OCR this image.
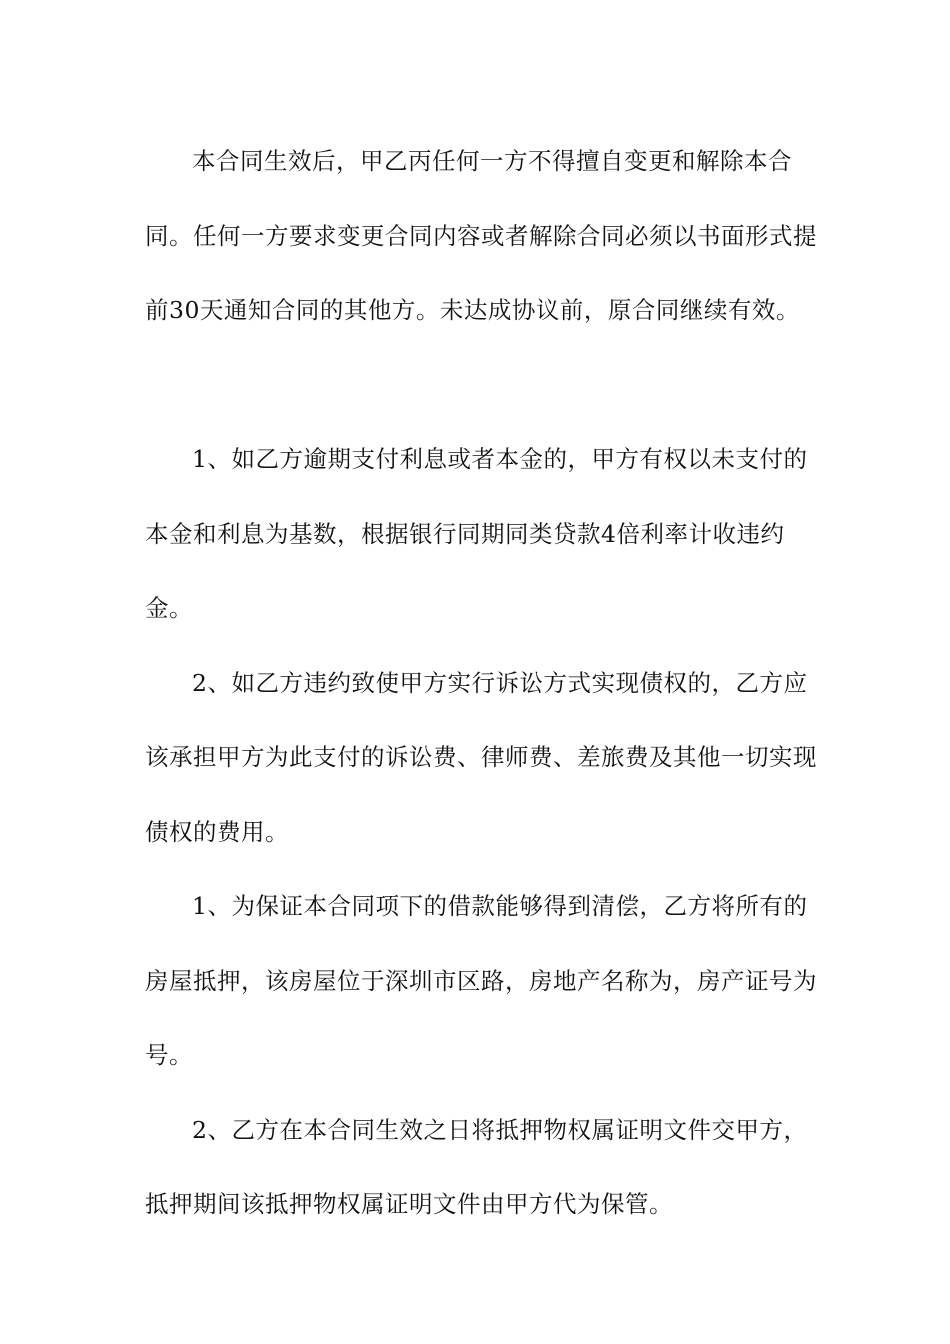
本合同生效后，甲乙丙任何一方不得擅自变更和解除本合同。任何一方要求变更合同内容或者解除合同必须以书面形式提前30天通知合同的其他方。未达成协议前，原合同继续有效。

1、如乙方逾期支付利息或者本金的，甲方有权以未支付的本金和利息为基数，根据银行同期同类贷款4倍利率计收违约金。

2、如乙方违约致使甲方实行诉讼方式实现债权的，乙方应该承担甲方为此支付的诉讼费、律师费、差旅费及其他一切实现债权的费用。

1、为保证本合同项下的借款能够得到清偿，乙方将所有的房屋抵押，该房屋位于深圳市区路，房地产名称为，房产证号为号。

2、乙方在本合同生效之日将抵押物权属证明文件交甲方，抵押期间该抵押物权属证明文件由甲方代为保管。
